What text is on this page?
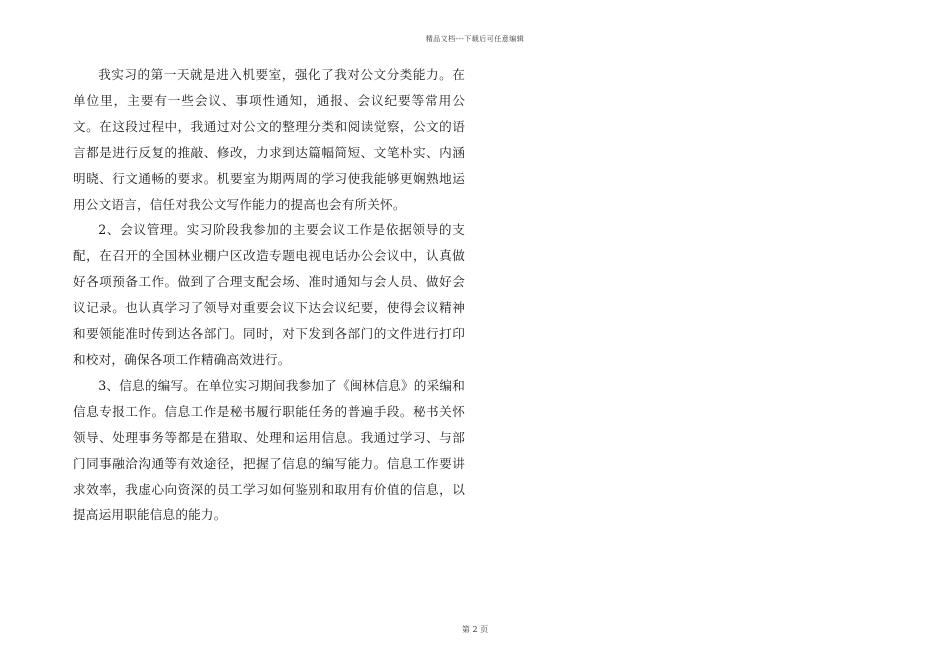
精品文档---下载后可任意编辑

我实习的第一天就是进入机要室，强化了我对公文分类能力。在单位里，主要有一些会议、事项性通知，通报、会议纪要等常用公文。在这段过程中，我通过对公文的整理分类和阅读觉察，公文的语言都是进行反复的推敲、修改，力求到达篇幅简短、文笔朴实、内涵明晓、行文通畅的要求。机要室为期两周的学习使我能够更娴熟地运用公文语言，信任对我公文写作能力的提高也会有所关怀。

2、会议管理。实习阶段我参加的主要会议工作是依据领导的支配，在召开的全国林业棚户区改造专题电视电话办公会议中，认真做好各项预备工作。做到了合理支配会场、准时通知与会人员、做好会议记录。也认真学习了领导对重要会议下达会议纪要，使得会议精神和要领能准时传到达各部门。同时，对下发到各部门的文件进行打印和校对，确保各项工作精确高效进行。

3、信息的编写。在单位实习期间我参加了《闽林信息》的采编和信息专报工作。信息工作是秘书履行职能任务的普遍手段。秘书关怀领导、处理事务等都是在猎取、处理和运用信息。我通过学习、与部门同事融洽沟通等有效途径，把握了信息的编写能力。信息工作要讲求效率，我虚心向资深的员工学习如何鉴别和取用有价值的信息，以提高运用职能信息的能力。

第 2 页
